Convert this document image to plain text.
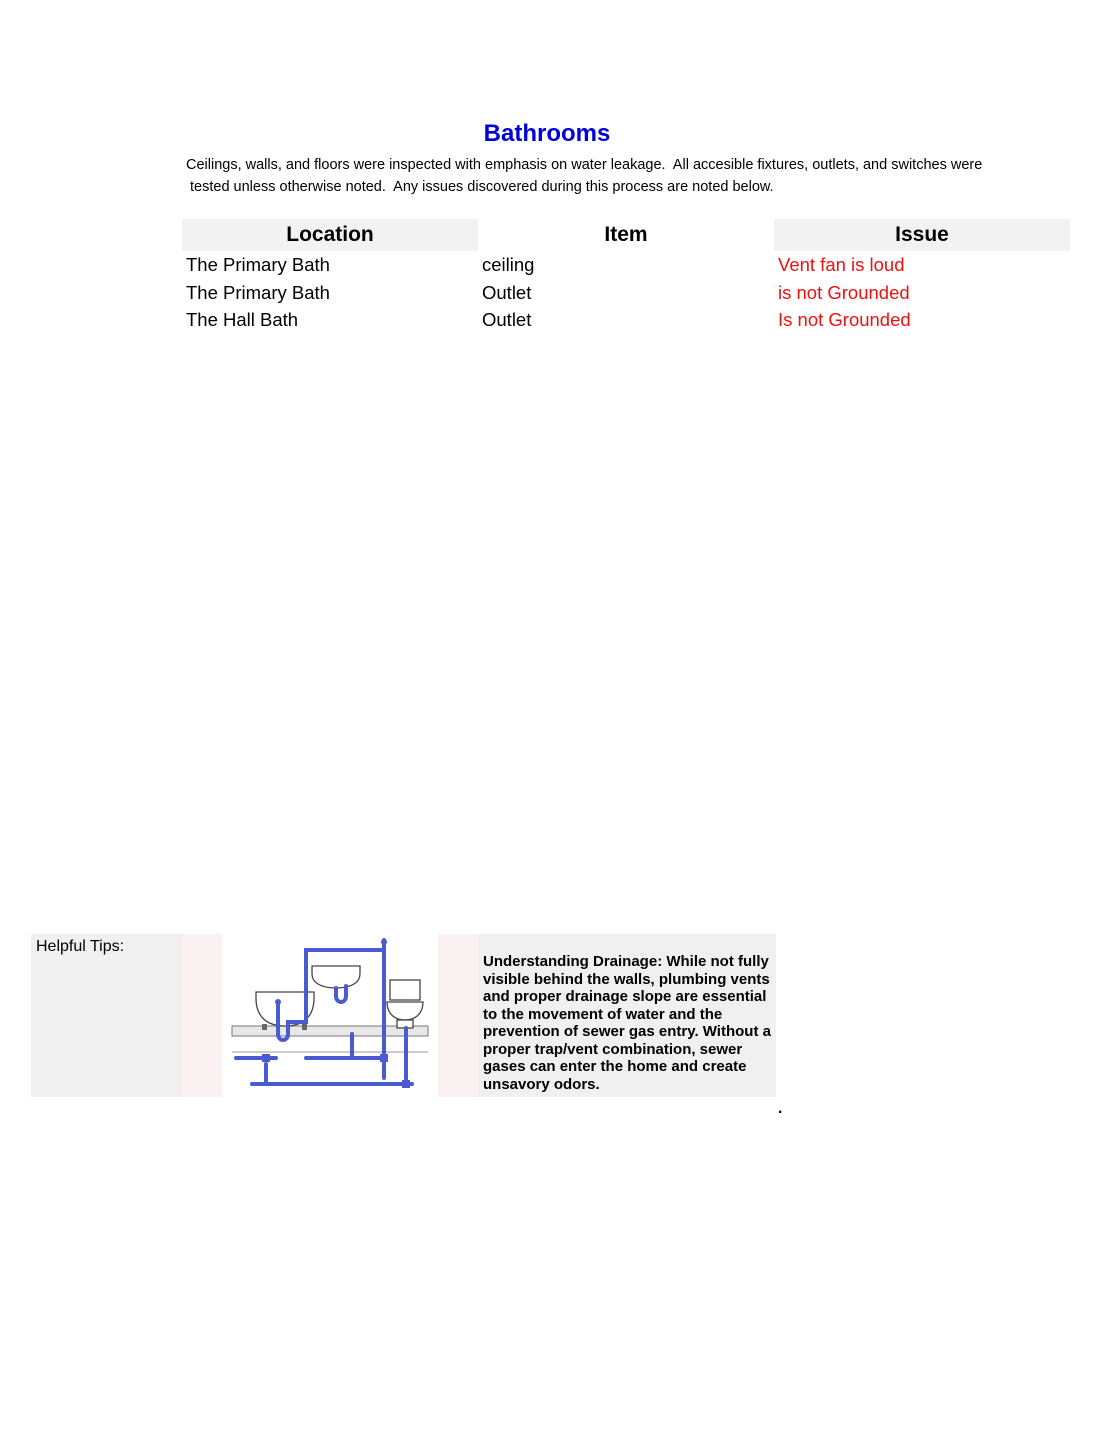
Bathrooms
Ceilings, walls, and floors were inspected with emphasis on water leakage.  All accesible fixtures, outlets, and switches were
tested unless otherwise noted.  Any issues discovered during this process are noted below.
Location	Item	Issue
The Primary Bath	ceiling	Vent fan is loud
The Primary Bath	Outlet	is not Grounded
The Hall Bath	Outlet	Is not Grounded
Helpful Tips:
Understanding Drainage: While not fully visible behind the walls, plumbing vents and proper drainage slope are essential to the movement of water and the prevention of sewer gas entry. Without a proper trap/vent combination, sewer gases can enter the home and create unsavory odors.
.
